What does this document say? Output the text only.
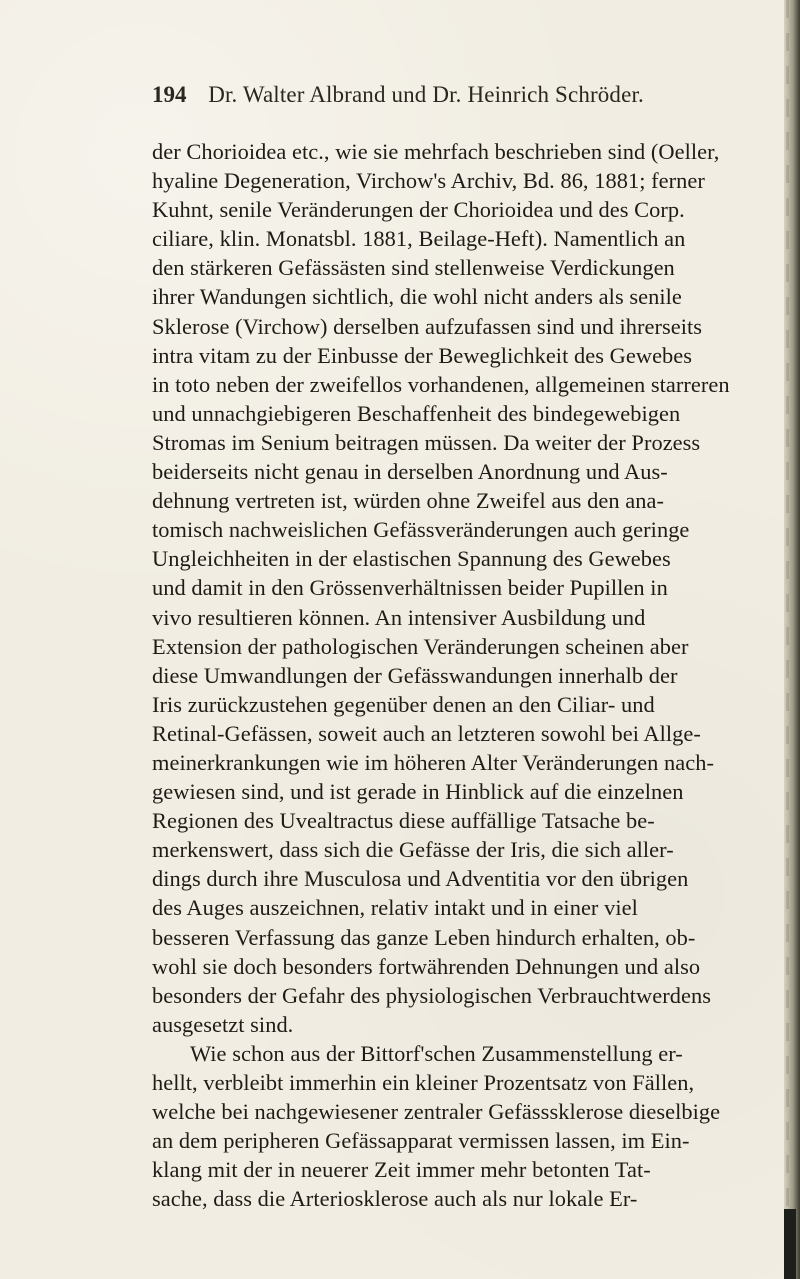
194 Dr. Walter Albrand und Dr. Heinrich Schröder.
der Chorioidea etc., wie sie mehrfach beschrieben sind (Oeller,
hyaline Degeneration, Virchow's Archiv, Bd. 86, 1881; ferner
Kuhnt, senile Veränderungen der Chorioidea und des Corp.
ciliare, klin. Monatsbl. 1881, Beilage-Heft). Namentlich an
den stärkeren Gefässästen sind stellenweise Verdickungen
ihrer Wandungen sichtlich, die wohl nicht anders als senile
Sklerose (Virchow) derselben aufzufassen sind und ihrerseits
intra vitam zu der Einbusse der Beweglichkeit des Gewebes
in toto neben der zweifellos vorhandenen, allgemeinen starreren
und unnachgiebigeren Beschaffenheit des bindegewebigen
Stromas im Senium beitragen müssen. Da weiter der Prozess
beiderseits nicht genau in derselben Anordnung und Aus-
dehnung vertreten ist, würden ohne Zweifel aus den ana-
tomisch nachweislichen Gefässveränderungen auch geringe
Ungleichheiten in der elastischen Spannung des Gewebes
und damit in den Grössenverhältnissen beider Pupillen in
vivo resultieren können. An intensiver Ausbildung und
Extension der pathologischen Veränderungen scheinen aber
diese Umwandlungen der Gefässwandungen innerhalb der
Iris zurückzustehen gegenüber denen an den Ciliar- und
Retinal-Gefässen, soweit auch an letzteren sowohl bei Allge-
meinerkrankungen wie im höheren Alter Veränderungen nach-
gewiesen sind, und ist gerade in Hinblick auf die einzelnen
Regionen des Uvealtractus diese auffällige Tatsache be-
merkenswert, dass sich die Gefässe der Iris, die sich aller-
dings durch ihre Musculosa und Adventitia vor den übrigen
des Auges auszeichnen, relativ intakt und in einer viel
besseren Verfassung das ganze Leben hindurch erhalten, ob-
wohl sie doch besonders fortwährenden Dehnungen und also
besonders der Gefahr des physiologischen Verbrauchtwerdens
ausgesetzt sind.
Wie schon aus der Bittorf'schen Zusammenstellung er-
hellt, verbleibt immerhin ein kleiner Prozentsatz von Fällen,
welche bei nachgewiesener zentraler Gefässsklerose dieselbige
an dem peripheren Gefässapparat vermissen lassen, im Ein-
klang mit der in neuerer Zeit immer mehr betonten Tat-
sache, dass die Arteriosklerose auch als nur lokale Er-
